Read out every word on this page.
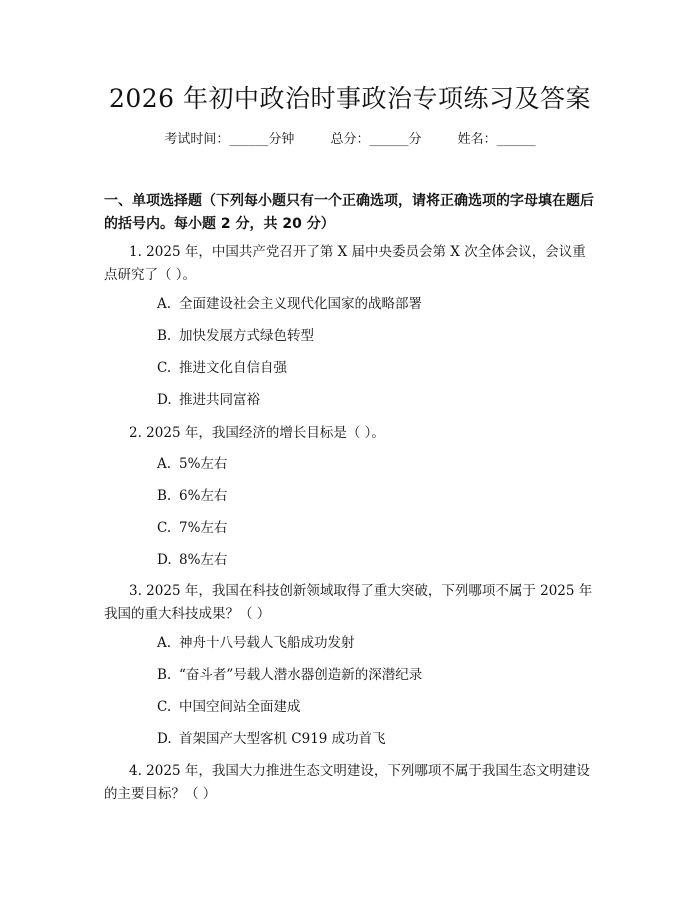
2026 年初中政治时事政治专项练习及答案
考试时间：______分钟	总分：______分	姓名：______
一、单项选择题（下列每小题只有一个正确选项，请将正确选项的字母填在题后的括号内。每小题 2 分，共 20 分）
1. 2025 年，中国共产党召开了第 X 届中央委员会第 X 次全体会议，会议重点研究了（ ）。
A. 全面建设社会主义现代化国家的战略部署
B. 加快发展方式绿色转型
C. 推进文化自信自强
D. 推进共同富裕
2. 2025 年，我国经济的增长目标是（ ）。
A. 5%左右
B. 6%左右
C. 7%左右
D. 8%左右
3. 2025 年，我国在科技创新领域取得了重大突破，下列哪项不属于 2025 年我国的重大科技成果？（ ）
A. 神舟十八号载人飞船成功发射
B. “奋斗者”号载人潜水器创造新的深潜纪录
C. 中国空间站全面建成
D. 首架国产大型客机 C919 成功首飞
4. 2025 年，我国大力推进生态文明建设，下列哪项不属于我国生态文明建设的主要目标？（ ）
